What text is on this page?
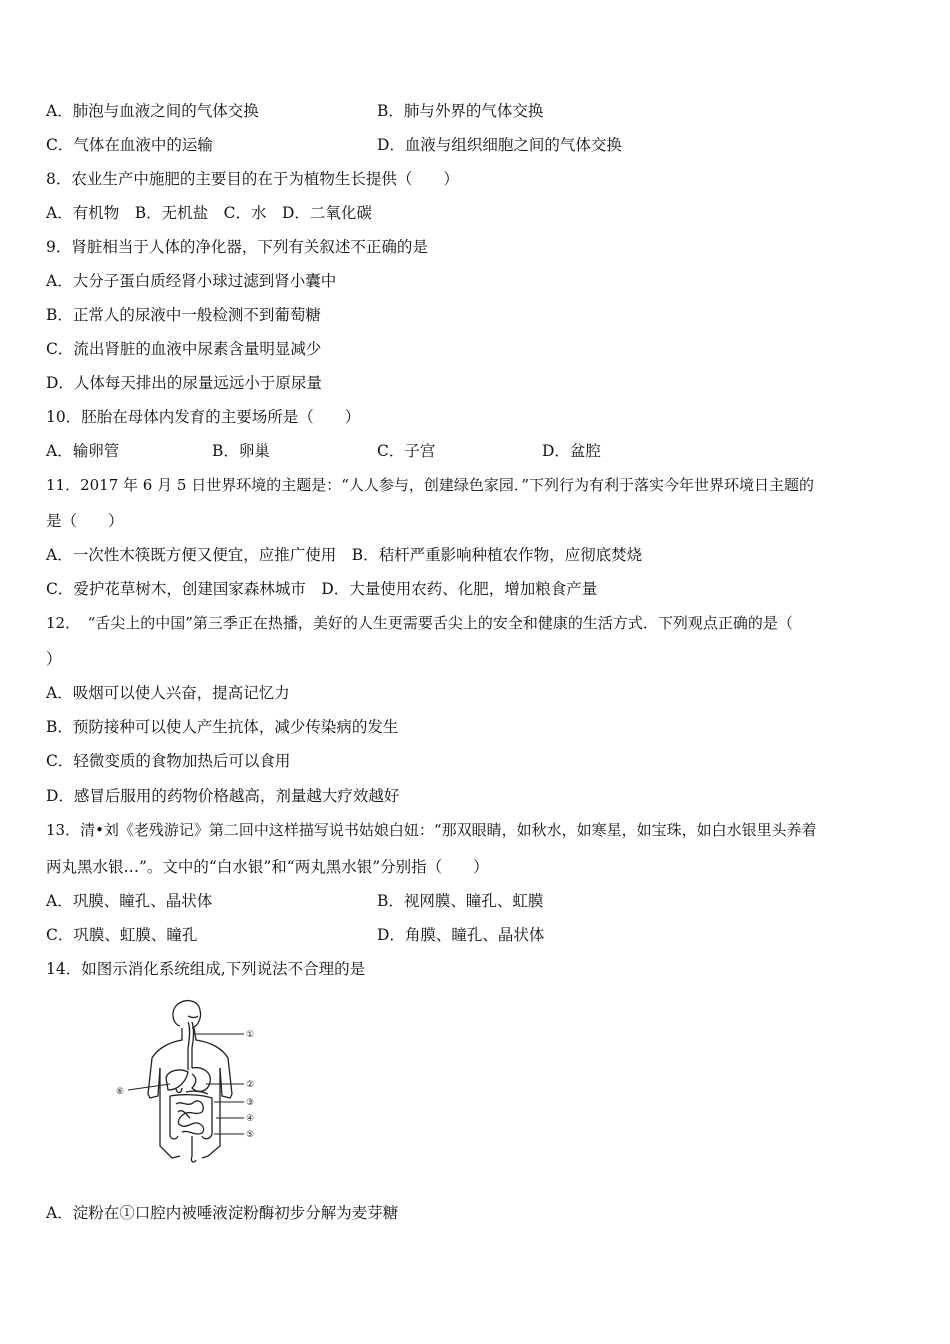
A．肺泡与血液之间的气体交换	B．肺与外界的气体交换
C．气体在血液中的运输	D．血液与组织细胞之间的气体交换
8．农业生产中施肥的主要目的在于为植物生长提供（　　）
A．有机物　B．无机盐　C．水　D．二氧化碳
9．肾脏相当于人体的净化器，下列有关叙述不正确的是
A．大分子蛋白质经肾小球过滤到肾小囊中
B．正常人的尿液中一般检测不到葡萄糖
C．流出肾脏的血液中尿素含量明显减少
D．人体每天排出的尿量远远小于原尿量
10．胚胎在母体内发育的主要场所是（　　）
A．输卵管	B．卵巢	C．子宫	D．盆腔
11．2017 年 6 月 5 日世界环境的主题是：“人人参与，创建绿色家园．”下列行为有利于落实今年世界环境日主题的
是（　　）
A．一次性木筷既方便又便宜，应推广使用　B．秸杆严重影响种植农作物，应彻底焚烧
C．爱护花草树木，创建国家森林城市　D．大量使用农药、化肥，增加粮食产量
12．　“舌尖上的中国”第三季正在热播，美好的人生更需要舌尖上的安全和健康的生活方式．下列观点正确的是（
）
A．吸烟可以使人兴奋，提高记忆力
B．预防接种可以使人产生抗体，减少传染病的发生
C．轻微变质的食物加热后可以食用
D．感冒后服用的药物价格越高，剂量越大疗效越好
13．清•刘《老残游记》第二回中这样描写说书姑娘白妞：“那双眼睛，如秋水，如寒星，如宝珠，如白水银里头养着
两丸黑水银…”。文中的“白水银”和“两丸黑水银”分别指（　　）
A．巩膜、瞳孔、晶状体	B．视网膜、瞳孔、虹膜
C．巩膜、虹膜、瞳孔	D．角膜、瞳孔、晶状体
14．如图示消化系统组成,下列说法不合理的是
①
②
③
④
⑤
⑥
A．淀粉在①口腔内被唾液淀粉酶初步分解为麦芽糖
